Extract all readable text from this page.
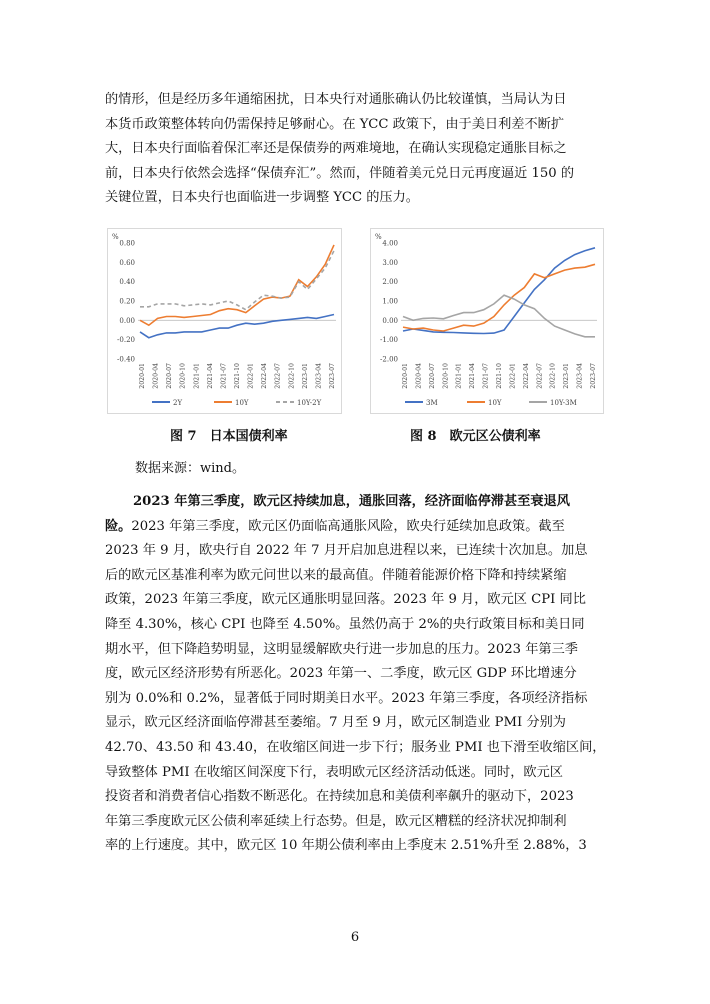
的情形，但是经历多年通缩困扰，日本央行对通胀确认仍比较谨慎，当局认为日
本货币政策整体转向仍需保持足够耐心。在 YCC 政策下，由于美日利差不断扩
大，日本央行面临着保汇率还是保债券的两难境地，在确认实现稳定通胀目标之
前，日本央行依然会选择“保债弃汇”。然而，伴随着美元兑日元再度逼近 150 的
关键位置，日本央行也面临进一步调整 YCC 的压力。
%
0.80
0.60
0.40
0.20
0.00
-0.20
-0.40
2020-01 2020-04 2020-07 2020-10 2021-01 2021-04 2021-07 2021-10 2022-01 2022-04 2022-07 2022-10 2023-01 2023-04 2023-07
2Y	10Y	10Y-2Y
%
4.00
3.00
2.00
1.00
0.00
-1.00
-2.00
2020-01 2020-04 2020-07 2020-10 2021-01 2021-04 2021-07 2021-10 2022-01 2022-04 2022-07 2022-10 2023-01 2023-04 2023-07
3M	10Y	10Y-3M
图 7　日本国债利率	图 8　欧元区公债利率
数据来源：wind。
2023 年第三季度，欧元区持续加息，通胀回落，经济面临停滞甚至衰退风
险。2023 年第三季度，欧元区仍面临高通胀风险，欧央行延续加息政策。截至
2023 年 9 月，欧央行自 2022 年 7 月开启加息进程以来，已连续十次加息。加息
后的欧元区基准利率为欧元问世以来的最高值。伴随着能源价格下降和持续紧缩
政策，2023 年第三季度，欧元区通胀明显回落。2023 年 9 月，欧元区 CPI 同比
降至 4.30%，核心 CPI 也降至 4.50%。虽然仍高于 2%的央行政策目标和美日同
期水平，但下降趋势明显，这明显缓解欧央行进一步加息的压力。2023 年第三季
度，欧元区经济形势有所恶化。2023 年第一、二季度，欧元区 GDP 环比增速分
别为 0.0%和 0.2%，显著低于同时期美日水平。2023 年第三季度，各项经济指标
显示，欧元区经济面临停滞甚至萎缩。7 月至 9 月，欧元区制造业 PMI 分别为
42.70、43.50 和 43.40，在收缩区间进一步下行；服务业 PMI 也下滑至收缩区间，
导致整体 PMI 在收缩区间深度下行，表明欧元区经济活动低迷。同时，欧元区
投资者和消费者信心指数不断恶化。在持续加息和美债利率飙升的驱动下，2023
年第三季度欧元区公债利率延续上行态势。但是，欧元区糟糕的经济状况抑制利
率的上行速度。其中，欧元区 10 年期公债利率由上季度末 2.51%升至 2.88%，3
6
